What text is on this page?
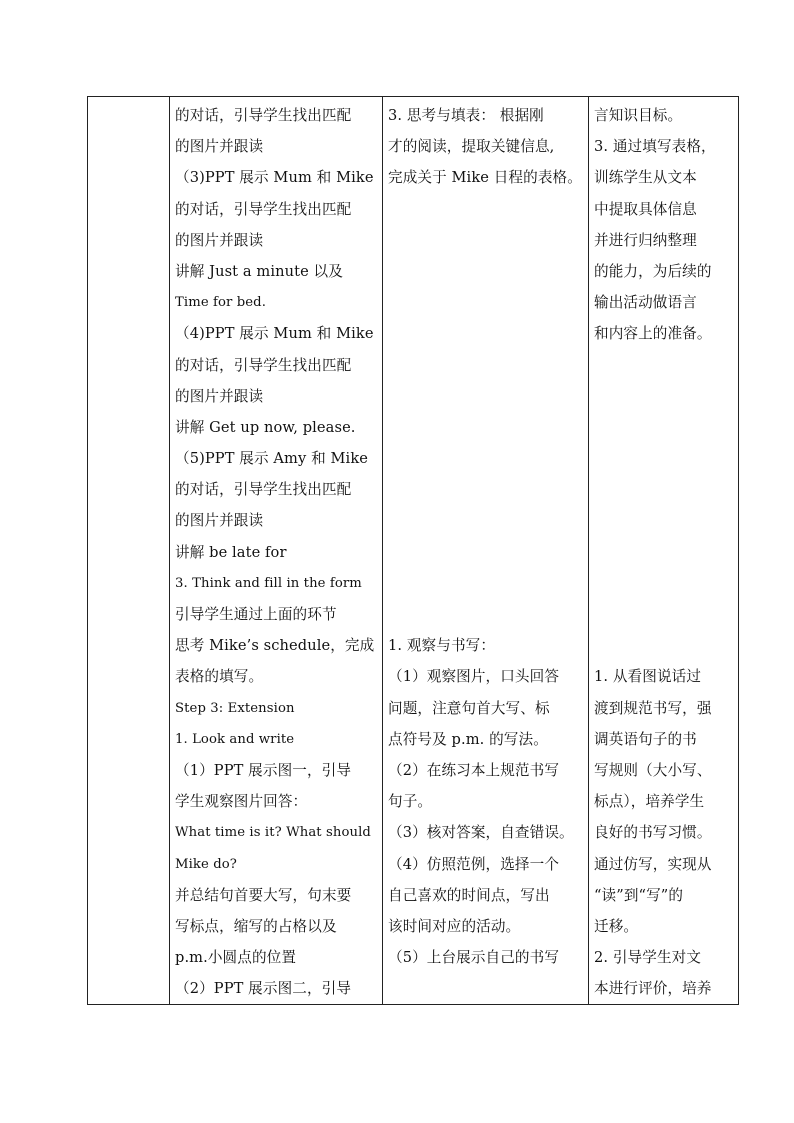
的对话，引导学生找出匹配
的图片并跟读
（3)PPT 展示 Mum 和 Mike
的对话，引导学生找出匹配
的图片并跟读
讲解 Just a minute 以及
Time for bed.
（4)PPT 展示 Mum 和 Mike
的对话，引导学生找出匹配
的图片并跟读
讲解 Get up now, please.
（5)PPT 展示 Amy 和 Mike
的对话，引导学生找出匹配
的图片并跟读
讲解 be late for
3. Think and fill in the form
引导学生通过上面的环节
思考 Mike’s schedule，完成
表格的填写。
Step 3: Extension
1. Look and write
（1）PPT 展示图一，引导
学生观察图片回答：
What time is it? What should
Mike do?
并总结句首要大写，句末要
写标点，缩写的占格以及
p.m.小圆点的位置
（2）PPT 展示图二，引导

3. 思考与填表： 根据刚
才的阅读，提取关键信息,
完成关于 Mike 日程的表格。
1. 观察与书写：
（1）观察图片，口头回答
问题，注意句首大写、标
点符号及 p.m. 的写法。
（2）在练习本上规范书写
句子。
（3）核对答案，自查错误。
（4）仿照范例，选择一个
自己喜欢的时间点，写出
该时间对应的活动。
（5）上台展示自己的书写

言知识目标。
3. 通过填写表格，
训练学生从文本
中提取具体信息
并进行归纳整理
的能力，为后续的
输出活动做语言
和内容上的准备。
1. 从看图说话过
渡到规范书写，强
调英语句子的书
写规则（大小写、
标点），培养学生
良好的书写习惯。
通过仿写，实现从
“读”到“写”的
迁移。
2. 引导学生对文
本进行评价，培养
